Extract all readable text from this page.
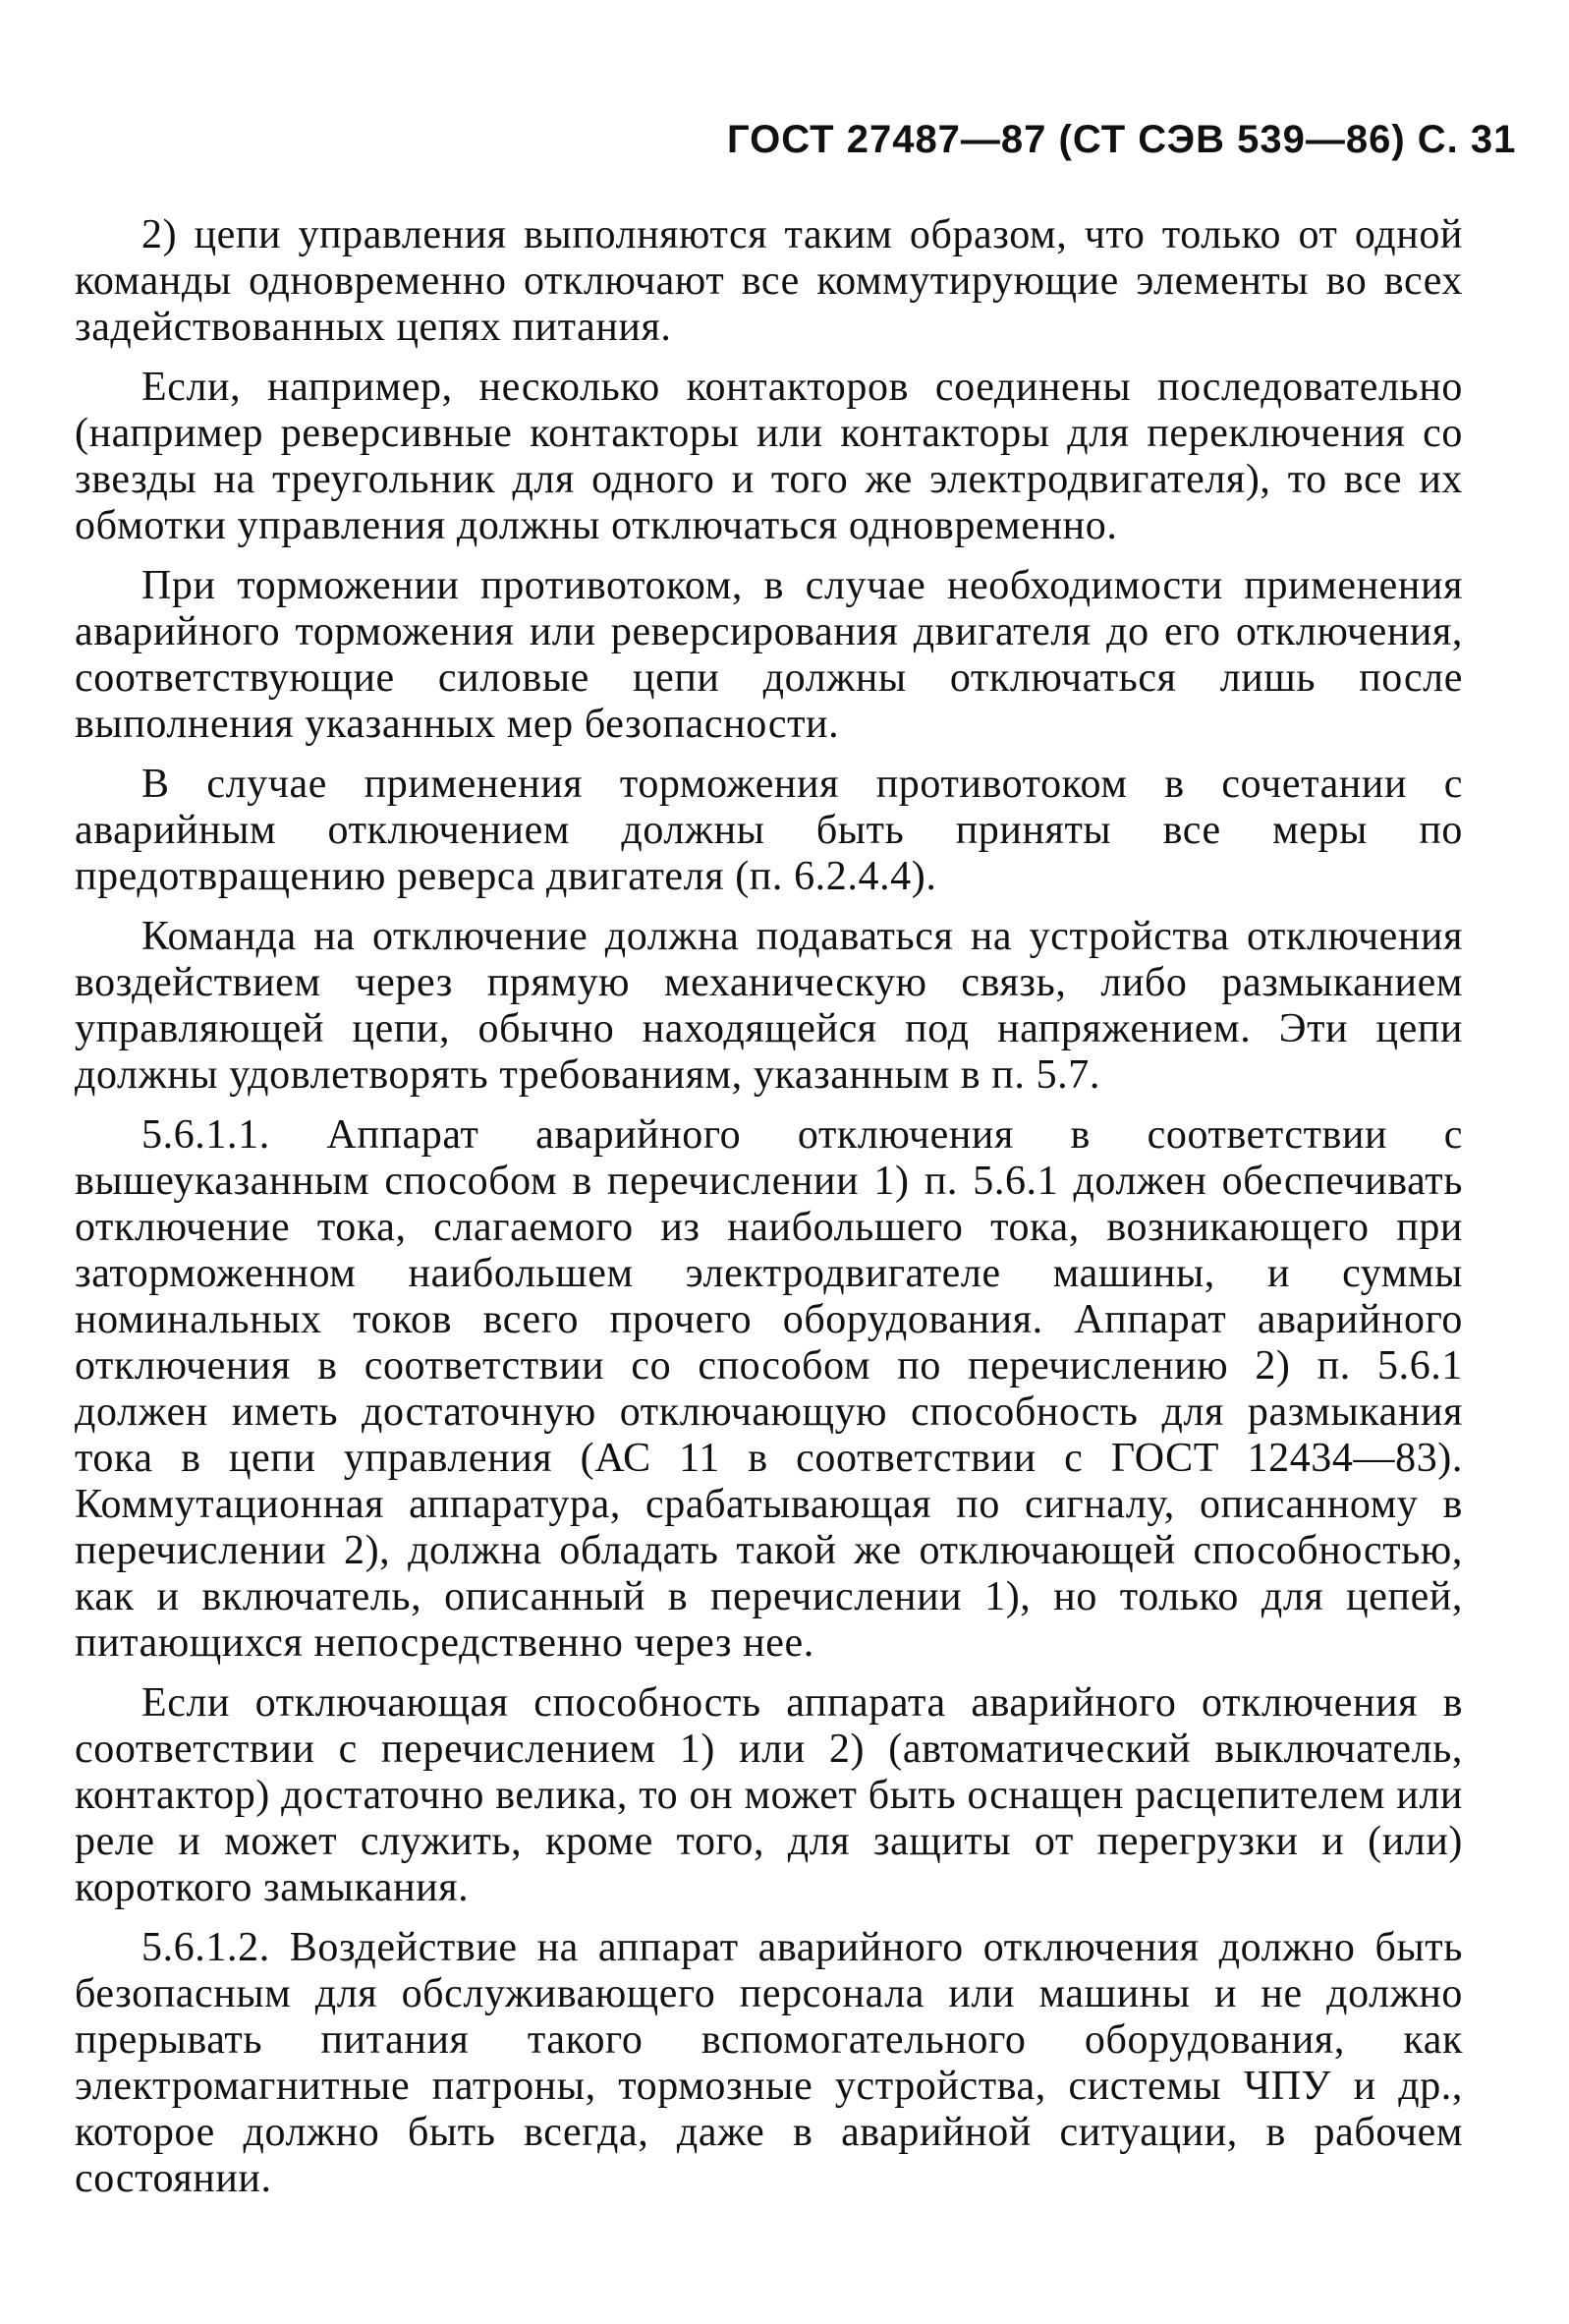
ГОСТ 27487—87 (СТ СЭВ 539—86) С. 31

2) цепи управления выполняются таким образом, что только от одной команды одновременно отключают все коммутирующие элементы во всех задействованных цепях питания.

Если, например, несколько контакторов соединены последовательно (например реверсивные контакторы или контакторы для переключения со звезды на треугольник для одного и того же электродвигателя), то все их обмотки управления должны отключаться одновременно.

При торможении противотоком, в случае необходимости применения аварийного торможения или реверсирования двигателя до его отключения, соответствующие силовые цепи должны отключаться лишь после выполнения указанных мер безопасности.

В случае применения торможения противотоком в сочетании с аварийным отключением должны быть приняты все меры по предотвращению реверса двигателя (п. 6.2.4.4).

Команда на отключение должна подаваться на устройства отключения воздействием через прямую механическую связь, либо размыканием управляющей цепи, обычно находящейся под напряжением. Эти цепи должны удовлетворять требованиям, указанным в п. 5.7.

5.6.1.1. Аппарат аварийного отключения в соответствии с вышеуказанным способом в перечислении 1) п. 5.6.1 должен обеспечивать отключение тока, слагаемого из наибольшего тока, возникающего при заторможенном наибольшем электродвигателе машины, и суммы номинальных токов всего прочего оборудования. Аппарат аварийного отключения в соответствии со способом по перечислению 2) п. 5.6.1 должен иметь достаточную отключающую способность для размыкания тока в цепи управления (АС 11 в соответствии с ГОСТ 12434—83). Коммутационная аппаратура, срабатывающая по сигналу, описанному в перечислении 2), должна обладать такой же отключающей способностью, как и включатель, описанный в перечислении 1), но только для цепей, питающихся непосредственно через нее.

Если отключающая способность аппарата аварийного отключения в соответствии с перечислением 1) или 2) (автоматический выключатель, контактор) достаточно велика, то он может быть оснащен расцепителем или реле и может служить, кроме того, для защиты от перегрузки и (или) короткого замыкания.

5.6.1.2. Воздействие на аппарат аварийного отключения должно быть безопасным для обслуживающего персонала или машины и не должно прерывать питания такого вспомогательного оборудования, как электромагнитные патроны, тормозные устройства, системы ЧПУ и др., которое должно быть всегда, даже в аварийной ситуации, в рабочем состоянии.
